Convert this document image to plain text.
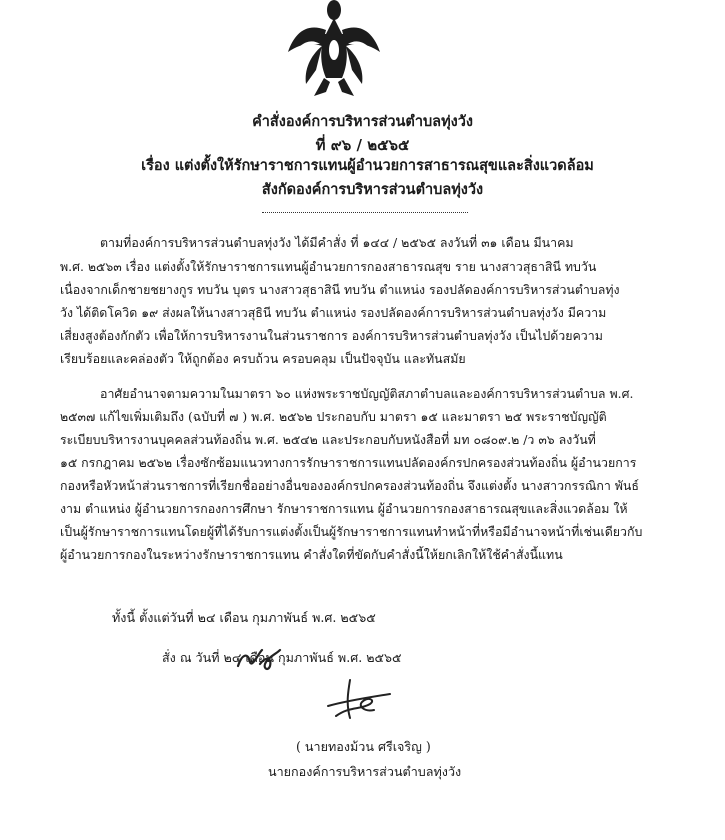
คำสั่งองค์การบริหารส่วนตำบลทุ่งวัง
ที่ ๙๖ / ๒๕๖๕
เรื่อง แต่งตั้งให้รักษาราชการแทนผู้อำนวยการสาธารณสุขและสิ่งแวดล้อม
สังกัดองค์การบริหารส่วนตำบลทุ่งวัง
ตามที่องค์การบริหารส่วนตำบลทุ่งวัง ได้มีคำสั่ง ที่ ๑๔๔ / ๒๕๖๕ ลงวันที่ ๓๑ เดือน มีนาคม
พ.ศ. ๒๕๖๓ เรื่อง แต่งตั้งให้รักษาราชการแทนผู้อำนวยการกองสาธารณสุข ราย นางสาวสุธาสินี ทบวัน
เนื่องจากเด็กชายชยางกูร ทบวัน บุตร นางสาวสุธาสินี ทบวัน ตำแหน่ง รองปลัดองค์การบริหารส่วนตำบลทุ่ง
วัง ได้ติดโควิด ๑๙ ส่งผลให้นางสาวสุธินี ทบวัน ตำแหน่ง รองปลัดองค์การบริหารส่วนตำบลทุ่งวัง มีความ
เสี่ยงสูงต้องกักตัว เพื่อให้การบริหารงานในส่วนราชการ องค์การบริหารส่วนตำบลทุ่งวัง เป็นไปด้วยความ
เรียบร้อยและคล่องตัว ให้ถูกต้อง ครบถ้วน ครอบคลุม เป็นปัจจุบัน และทันสมัย
อาศัยอำนาจตามความในมาตรา ๖๐ แห่งพระราชบัญญัติสภาตำบลและองค์การบริหารส่วนตำบล พ.ศ.
๒๕๓๗ แก้ไขเพิ่มเติมถึง (ฉบับที่ ๗ ) พ.ศ. ๒๕๖๒ ประกอบกับ มาตรา ๑๕ และมาตรา ๒๕ พระราชบัญญัติ
ระเบียบบริหารงานบุคคลส่วนท้องถิ่น พ.ศ. ๒๕๔๒ และประกอบกับหนังสือที่ มท ๐๘๐๙.๒ /ว ๓๖ ลงวันที่
๑๕ กรกฎาคม ๒๕๖๒ เรื่องซักซ้อมแนวทางการรักษาราชการแทนปลัดองค์กรปกครองส่วนท้องถิ่น ผู้อำนวยการ
กองหรือหัวหน้าส่วนราชการที่เรียกชื่ออย่างอื่นขององค์กรปกครองส่วนท้องถิ่น จึงแต่งตั้ง นางสาวกรรณิกา พันธ์
งาม ตำแหน่ง ผู้อำนวยการกองการศึกษา รักษาราชการแทน ผู้อำนวยการกองสาธารณสุขและสิ่งแวดล้อม ให้
เป็นผู้รักษาราชการแทนโดยผู้ที่ได้รับการแต่งตั้งเป็นผู้รักษาราชการแทนทำหน้าที่หรือมีอำนาจหน้าที่เช่นเดียวกับ
ผู้อำนวยการกองในระหว่างรักษาราชการแทน คำสั่งใดที่ขัดกับคำสั่งนี้ให้ยกเลิกให้ใช้คำสั่งนี้แทน
ทั้งนี้ ตั้งแต่วันที่ ๒๔ เดือน กุมภาพันธ์ พ.ศ. ๒๕๖๕
สั่ง ณ วันที่ ๒๔ เดือน กุมภาพันธ์ พ.ศ. ๒๕๖๕
( นายทองม้วน ศรีเจริญ )
นายกองค์การบริหารส่วนตำบลทุ่งวัง
